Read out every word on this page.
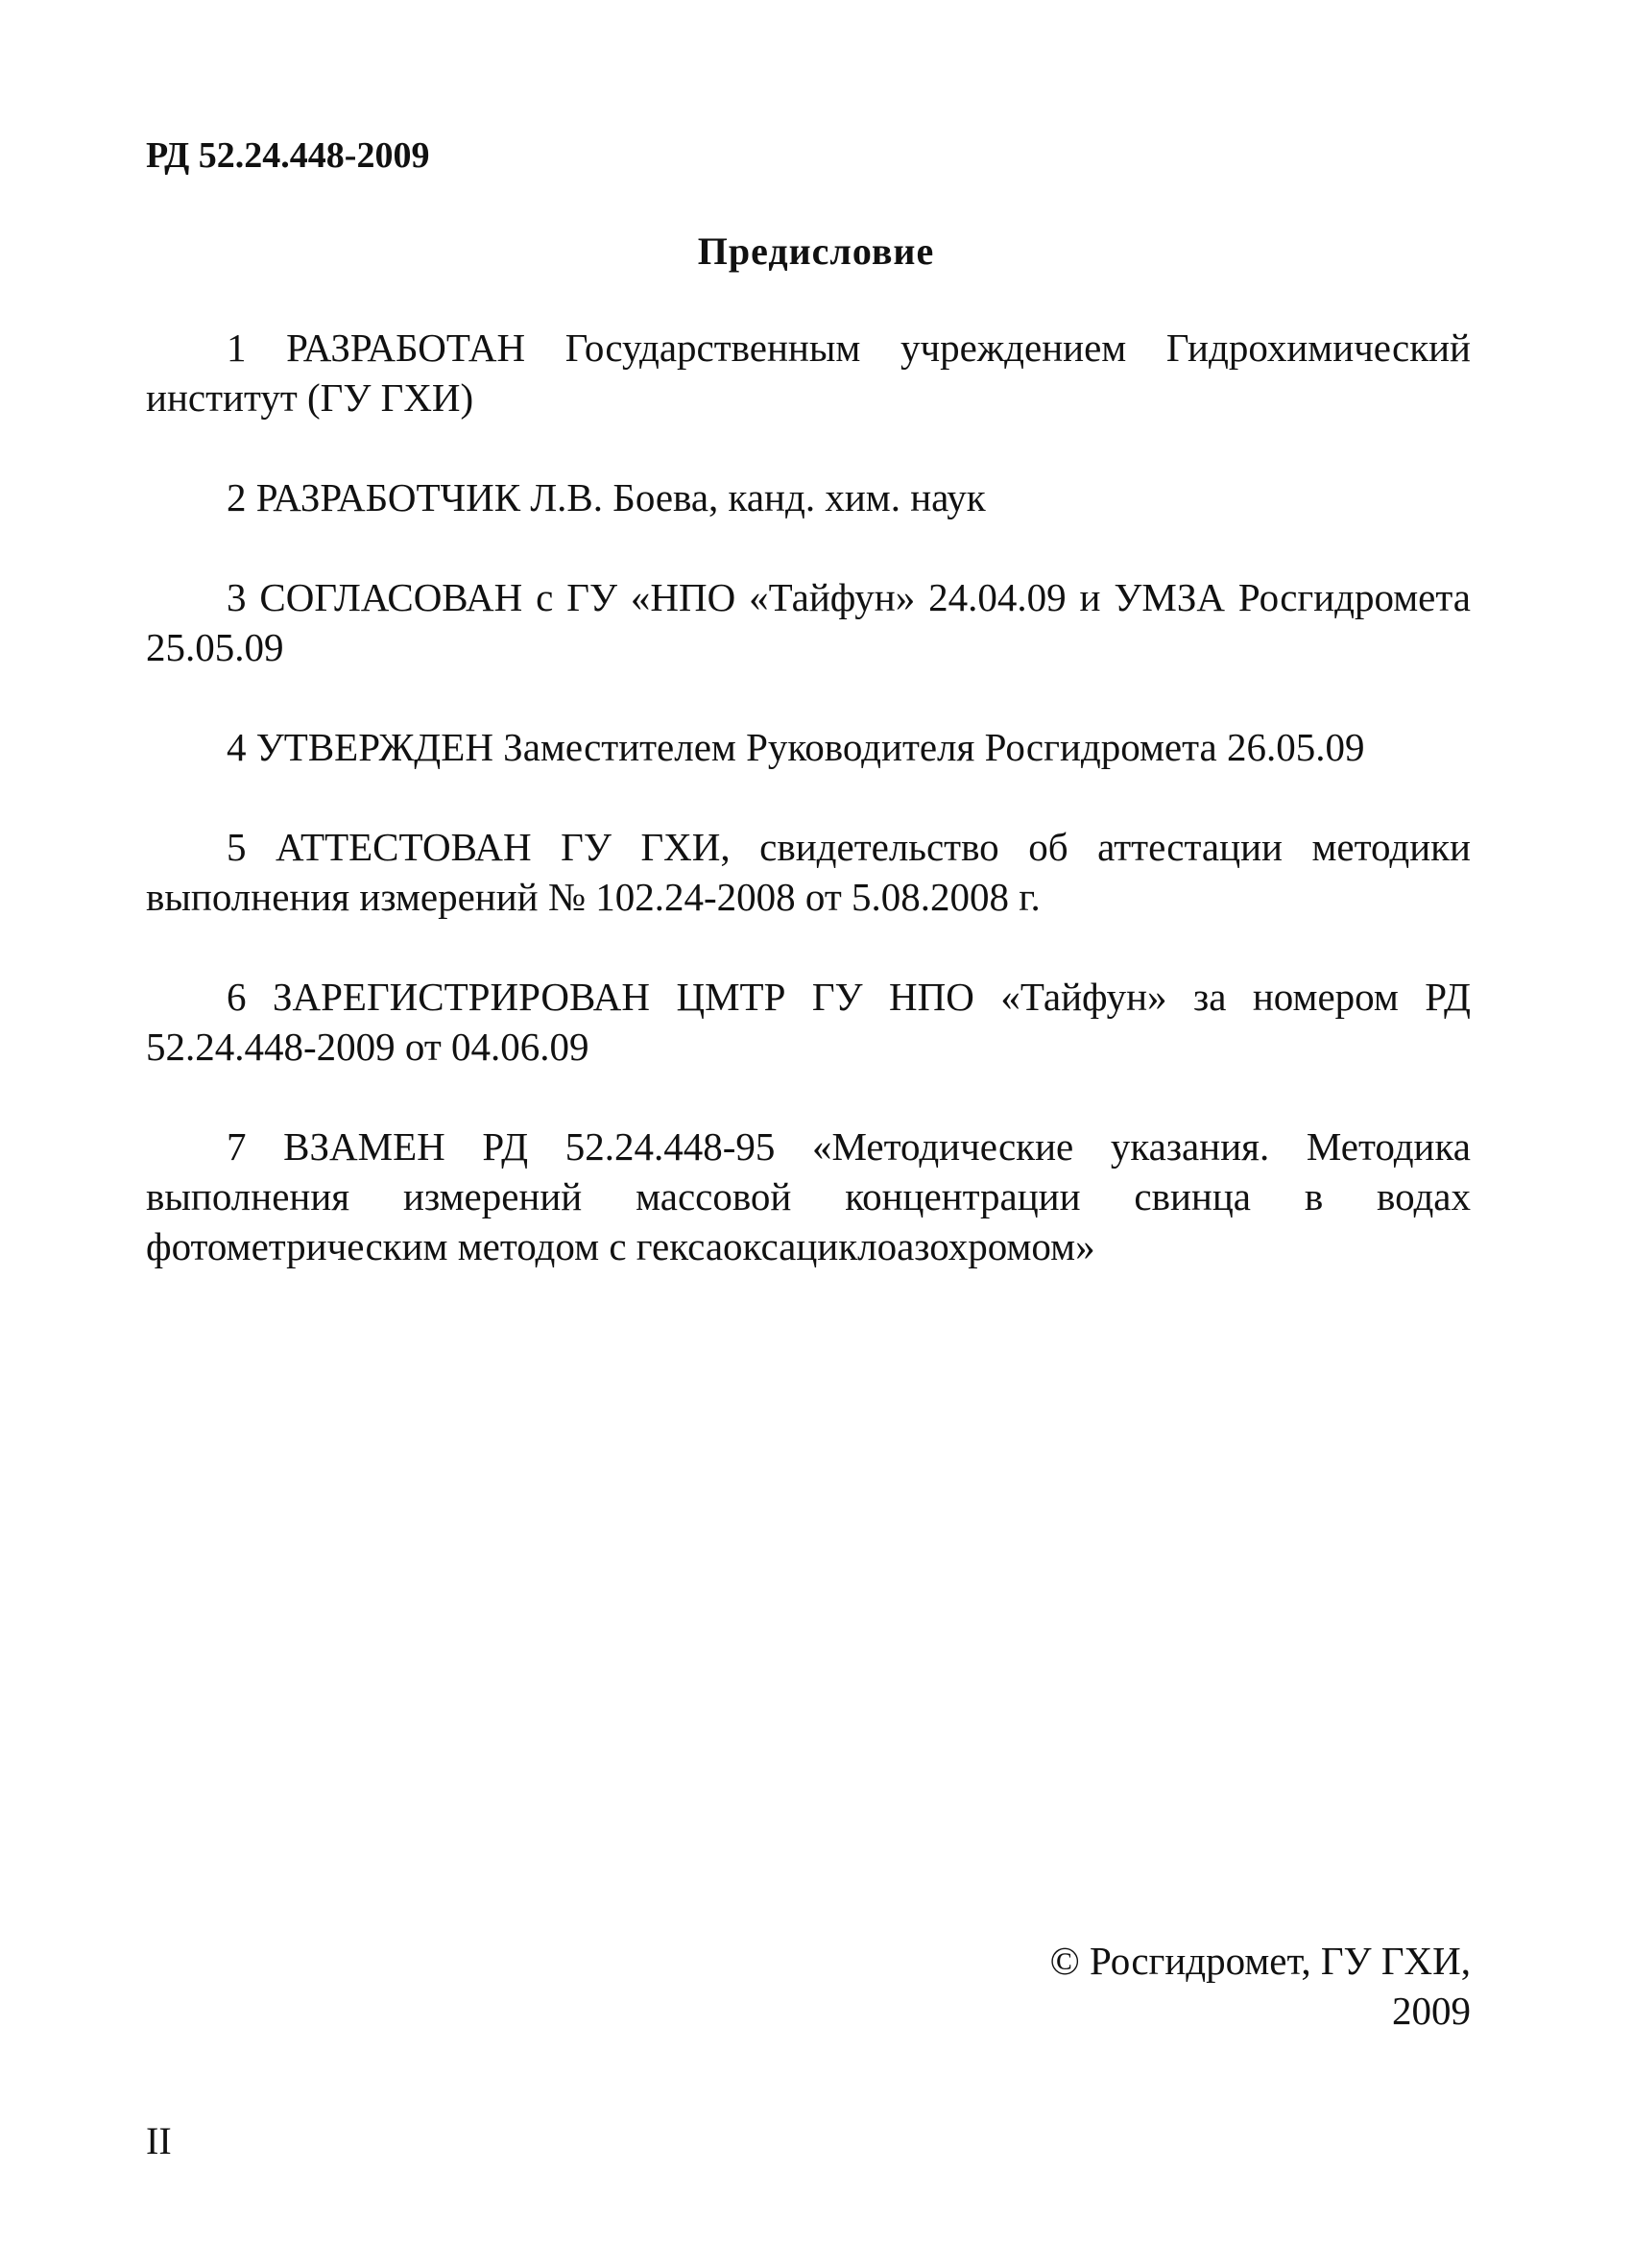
РД 52.24.448-2009
Предисловие

1 РАЗРАБОТАН Государственным учреждением Гидрохимический институт (ГУ ГХИ)

2 РАЗРАБОТЧИК Л.В. Боева, канд. хим. наук

3 СОГЛАСОВАН с ГУ «НПО «Тайфун» 24.04.09 и УМЗА Росгидромета 25.05.09

4 УТВЕРЖДЕН Заместителем Руководителя Росгидромета 26.05.09

5 АТТЕСТОВАН ГУ ГХИ, свидетельство об аттестации методики выполнения измерений № 102.24-2008 от 5.08.2008 г.

6 ЗАРЕГИСТРИРОВАН ЦМТР ГУ НПО «Тайфун» за номером РД 52.24.448-2009 от 04.06.09

7 ВЗАМЕН РД 52.24.448-95 «Методические указания. Методика выполнения измерений массовой концентрации свинца в водах фотометрическим методом с гексаоксациклоазохромом»

© Росгидромет, ГУ ГХИ,
2009
II
